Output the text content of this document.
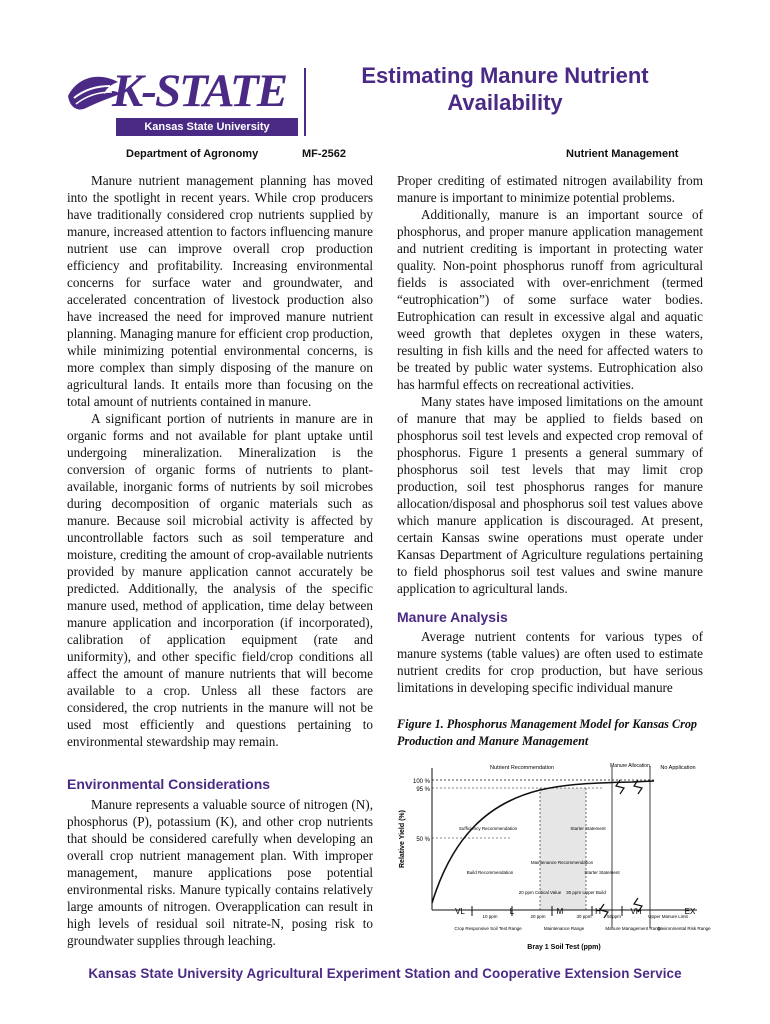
K-STATE
Kansas State University
Estimating Manure Nutrient
Availability
Department of Agronomy	MF-2562	Nutrient Management

Manure nutrient management planning has moved into the spotlight in recent years. While crop producers have traditionally considered crop nutrients supplied by manure, increased attention to factors influencing manure nutrient use can improve overall crop production efficiency and profitability. Increasing environmental concerns for surface water and groundwater, and accelerated concentration of livestock production also have increased the need for improved manure nutrient planning. Managing manure for efficient crop production, while minimizing potential environmental concerns, is more complex than simply disposing of the manure on agricultural lands. It entails more than focusing on the total amount of nutrients contained in manure.

A significant portion of nutrients in manure are in organic forms and not available for plant uptake until undergoing mineralization. Mineralization is the conversion of organic forms of nutrients to plant-available, inorganic forms of nutrients by soil microbes during decomposition of organic materials such as manure. Because soil microbial activity is affected by uncontrollable factors such as soil temperature and moisture, crediting the amount of crop-available nutrients provided by manure application cannot accurately be predicted. Additionally, the analysis of the specific manure used, method of application, time delay between manure application and incorporation (if incorporated), calibration of application equipment (rate and uniformity), and other specific field/crop conditions all affect the amount of manure nutrients that will become available to a crop. Unless all these factors are considered, the crop nutrients in the manure will not be used most efficiently and questions pertaining to environmental stewardship may remain.

Environmental Considerations

Manure represents a valuable source of nitrogen (N), phosphorus (P), potassium (K), and other crop nutrients that should be considered carefully when developing an overall crop nutrient management plan. With improper management, manure applications pose potential environmental risks. Manure typically contains relatively large amounts of nitrogen. Overapplication can result in high levels of residual soil nitrate-N, posing risk to groundwater supplies through leaching.

Proper crediting of estimated nitrogen availability from manure is important to minimize potential problems.

Additionally, manure is an important source of phosphorus, and proper manure application management and nutrient crediting is important in protecting water quality. Non-point phosphorus runoff from agricultural fields is associated with over-enrichment (termed “eutrophication”) of some surface water bodies. Eutrophication can result in excessive algal and aquatic weed growth that depletes oxygen in these waters, resulting in fish kills and the need for affected waters to be treated by public water systems. Eutrophication also has harmful effects on recreational activities.

Many states have imposed limitations on the amount of manure that may be applied to fields based on phosphorus soil test levels and expected crop removal of phosphorus. Figure 1 presents a general summary of phosphorus soil test levels that may limit crop production, soil test phosphorus ranges for manure allocation/disposal and phosphorus soil test values above which manure application is discouraged. At present, certain Kansas swine operations must operate under Kansas Department of Agriculture regulations pertaining to field phosphorus soil test values and swine manure application to agricultural lands.

Manure Analysis

Average nutrient contents for various types of manure systems (table values) are often used to estimate nutrient credits for crop production, but have serious limitations in developing specific individual manure

Figure 1. Phosphorus Management Model for Kansas Crop Production and Manure Management
Nutrient Recommendation	Manure Allocation No Application
100 %
95 %
50 %
Relative Yield (%)	Sufficiency Recommendation	Starter Statement
Maintenance Recommendation
Build Recommendation	Starter Statement
20 ppm Critical Value 30 ppm Upper Build
VL	L	M	H	VH	EX
10 ppm	20 ppm	30 ppm	50ppm	Upper Manure Limit
Crop Responsive Soil Test Range	Maintenance Range	Manure Management Range
Environmental Risk Range
Bray 1 Soil Test (ppm)
Kansas State University Agricultural Experiment Station and Cooperative Extension Service
